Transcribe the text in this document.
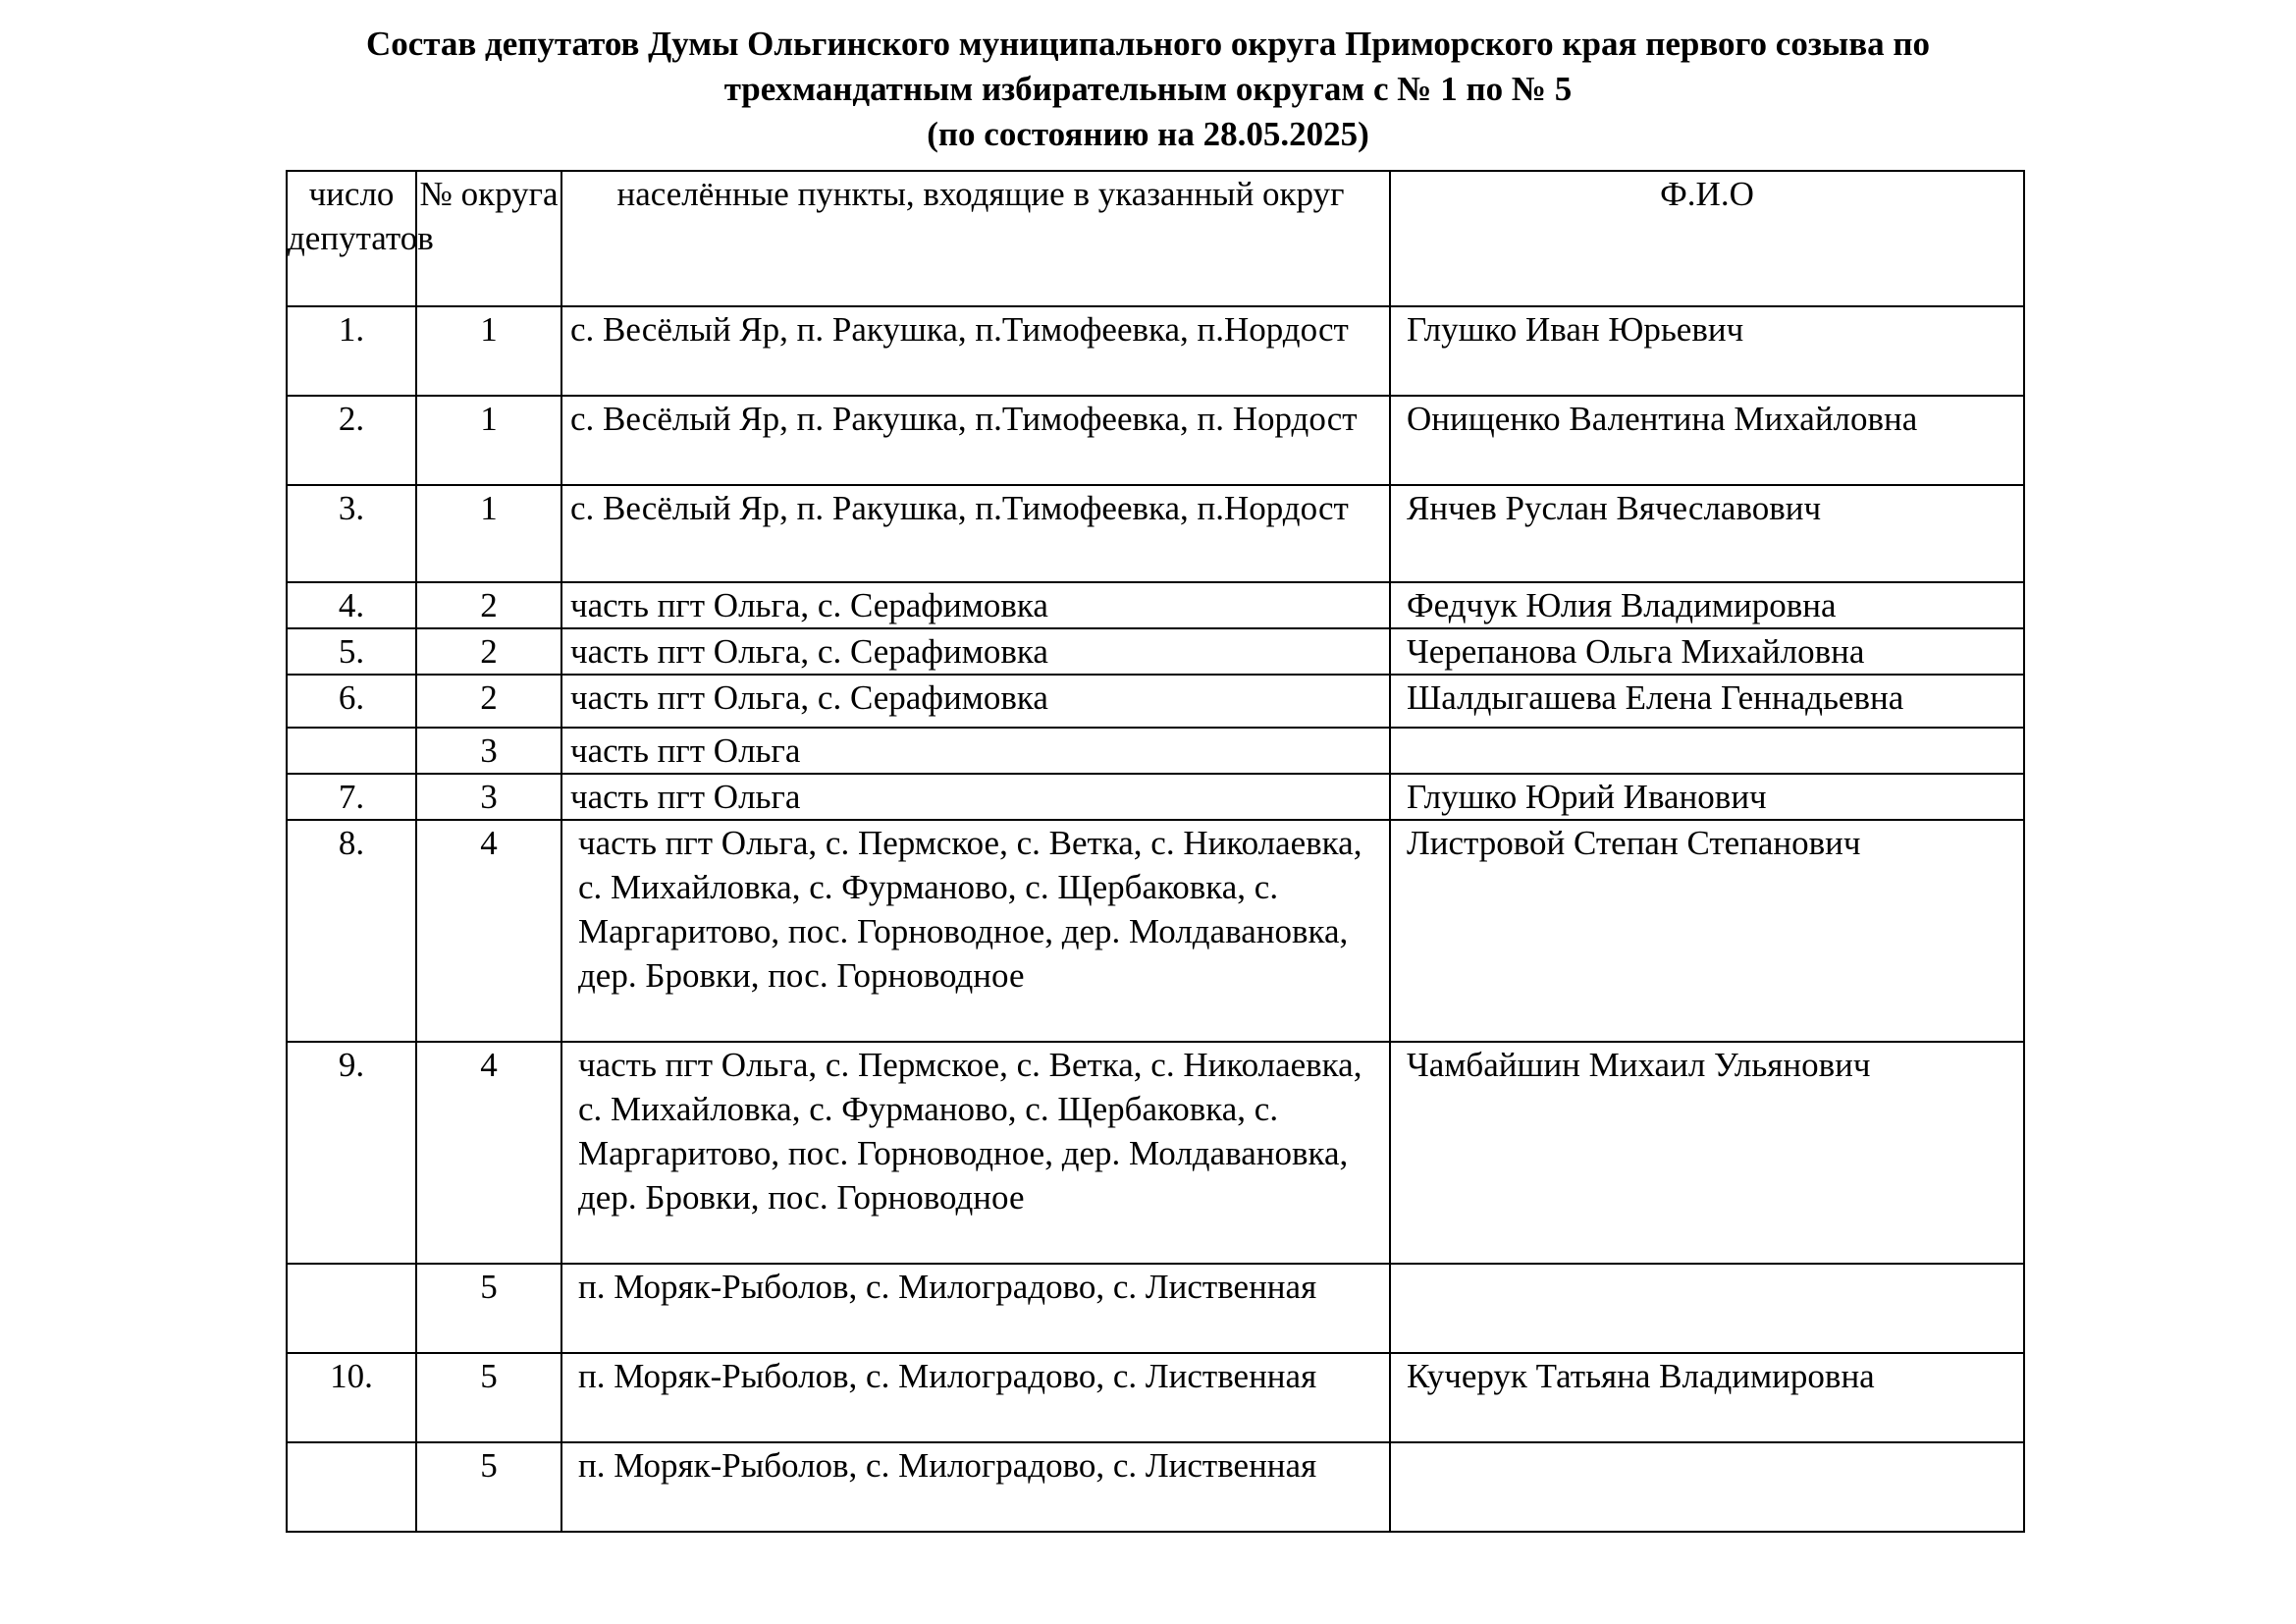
Состав депутатов Думы Ольгинского муниципального округа Приморского края первого созыва по
трехмандатным избирательным округам с № 1 по № 5
(по состоянию на 28.05.2025)
число депутатов	№ округа	населённые пункты, входящие в указанный округ	Ф.И.О
1.	1	с. Весёлый Яр, п. Ракушка, п.Тимофеевка, п.Нордост	Глушко Иван Юрьевич
2.	1	с. Весёлый Яр, п. Ракушка, п.Тимофеевка, п. Нордост	Онищенко Валентина Михайловна
3.	1	с. Весёлый Яр, п. Ракушка, п.Тимофеевка, п.Нордост	Янчев Руслан Вячеславович
4.	2	часть пгт Ольга, с. Серафимовка	Федчук Юлия Владимировна
5.	2	часть пгт Ольга, с. Серафимовка	Черепанова Ольга Михайловна
6.	2	часть пгт Ольга, с. Серафимовка	Шалдыгашева Елена Геннадьевна
	3	часть пгт Ольга	
7.	3	часть пгт Ольга	Глушко Юрий Иванович
8.	4	часть пгт Ольга, с. Пермское, с. Ветка, с. Николаевка, с. Михайловка, с. Фурманово, с. Щербаковка, с. Маргаритово, пос. Горноводное, дер. Молдавановка, дер. Бровки, пос. Горноводное	Листровой Степан Степанович
9.	4	часть пгт Ольга, с. Пермское, с. Ветка, с. Николаевка, с. Михайловка, с. Фурманово, с. Щербаковка, с. Маргаритово, пос. Горноводное, дер. Молдавановка, дер. Бровки, пос. Горноводное	Чамбайшин Михаил Ульянович
	5	п. Моряк-Рыболов, с. Милоградово, с. Лиственная	
10.	5	п. Моряк-Рыболов, с. Милоградово, с. Лиственная	Кучерук Татьяна Владимировна
	5	п. Моряк-Рыболов, с. Милоградово, с. Лиственная	
